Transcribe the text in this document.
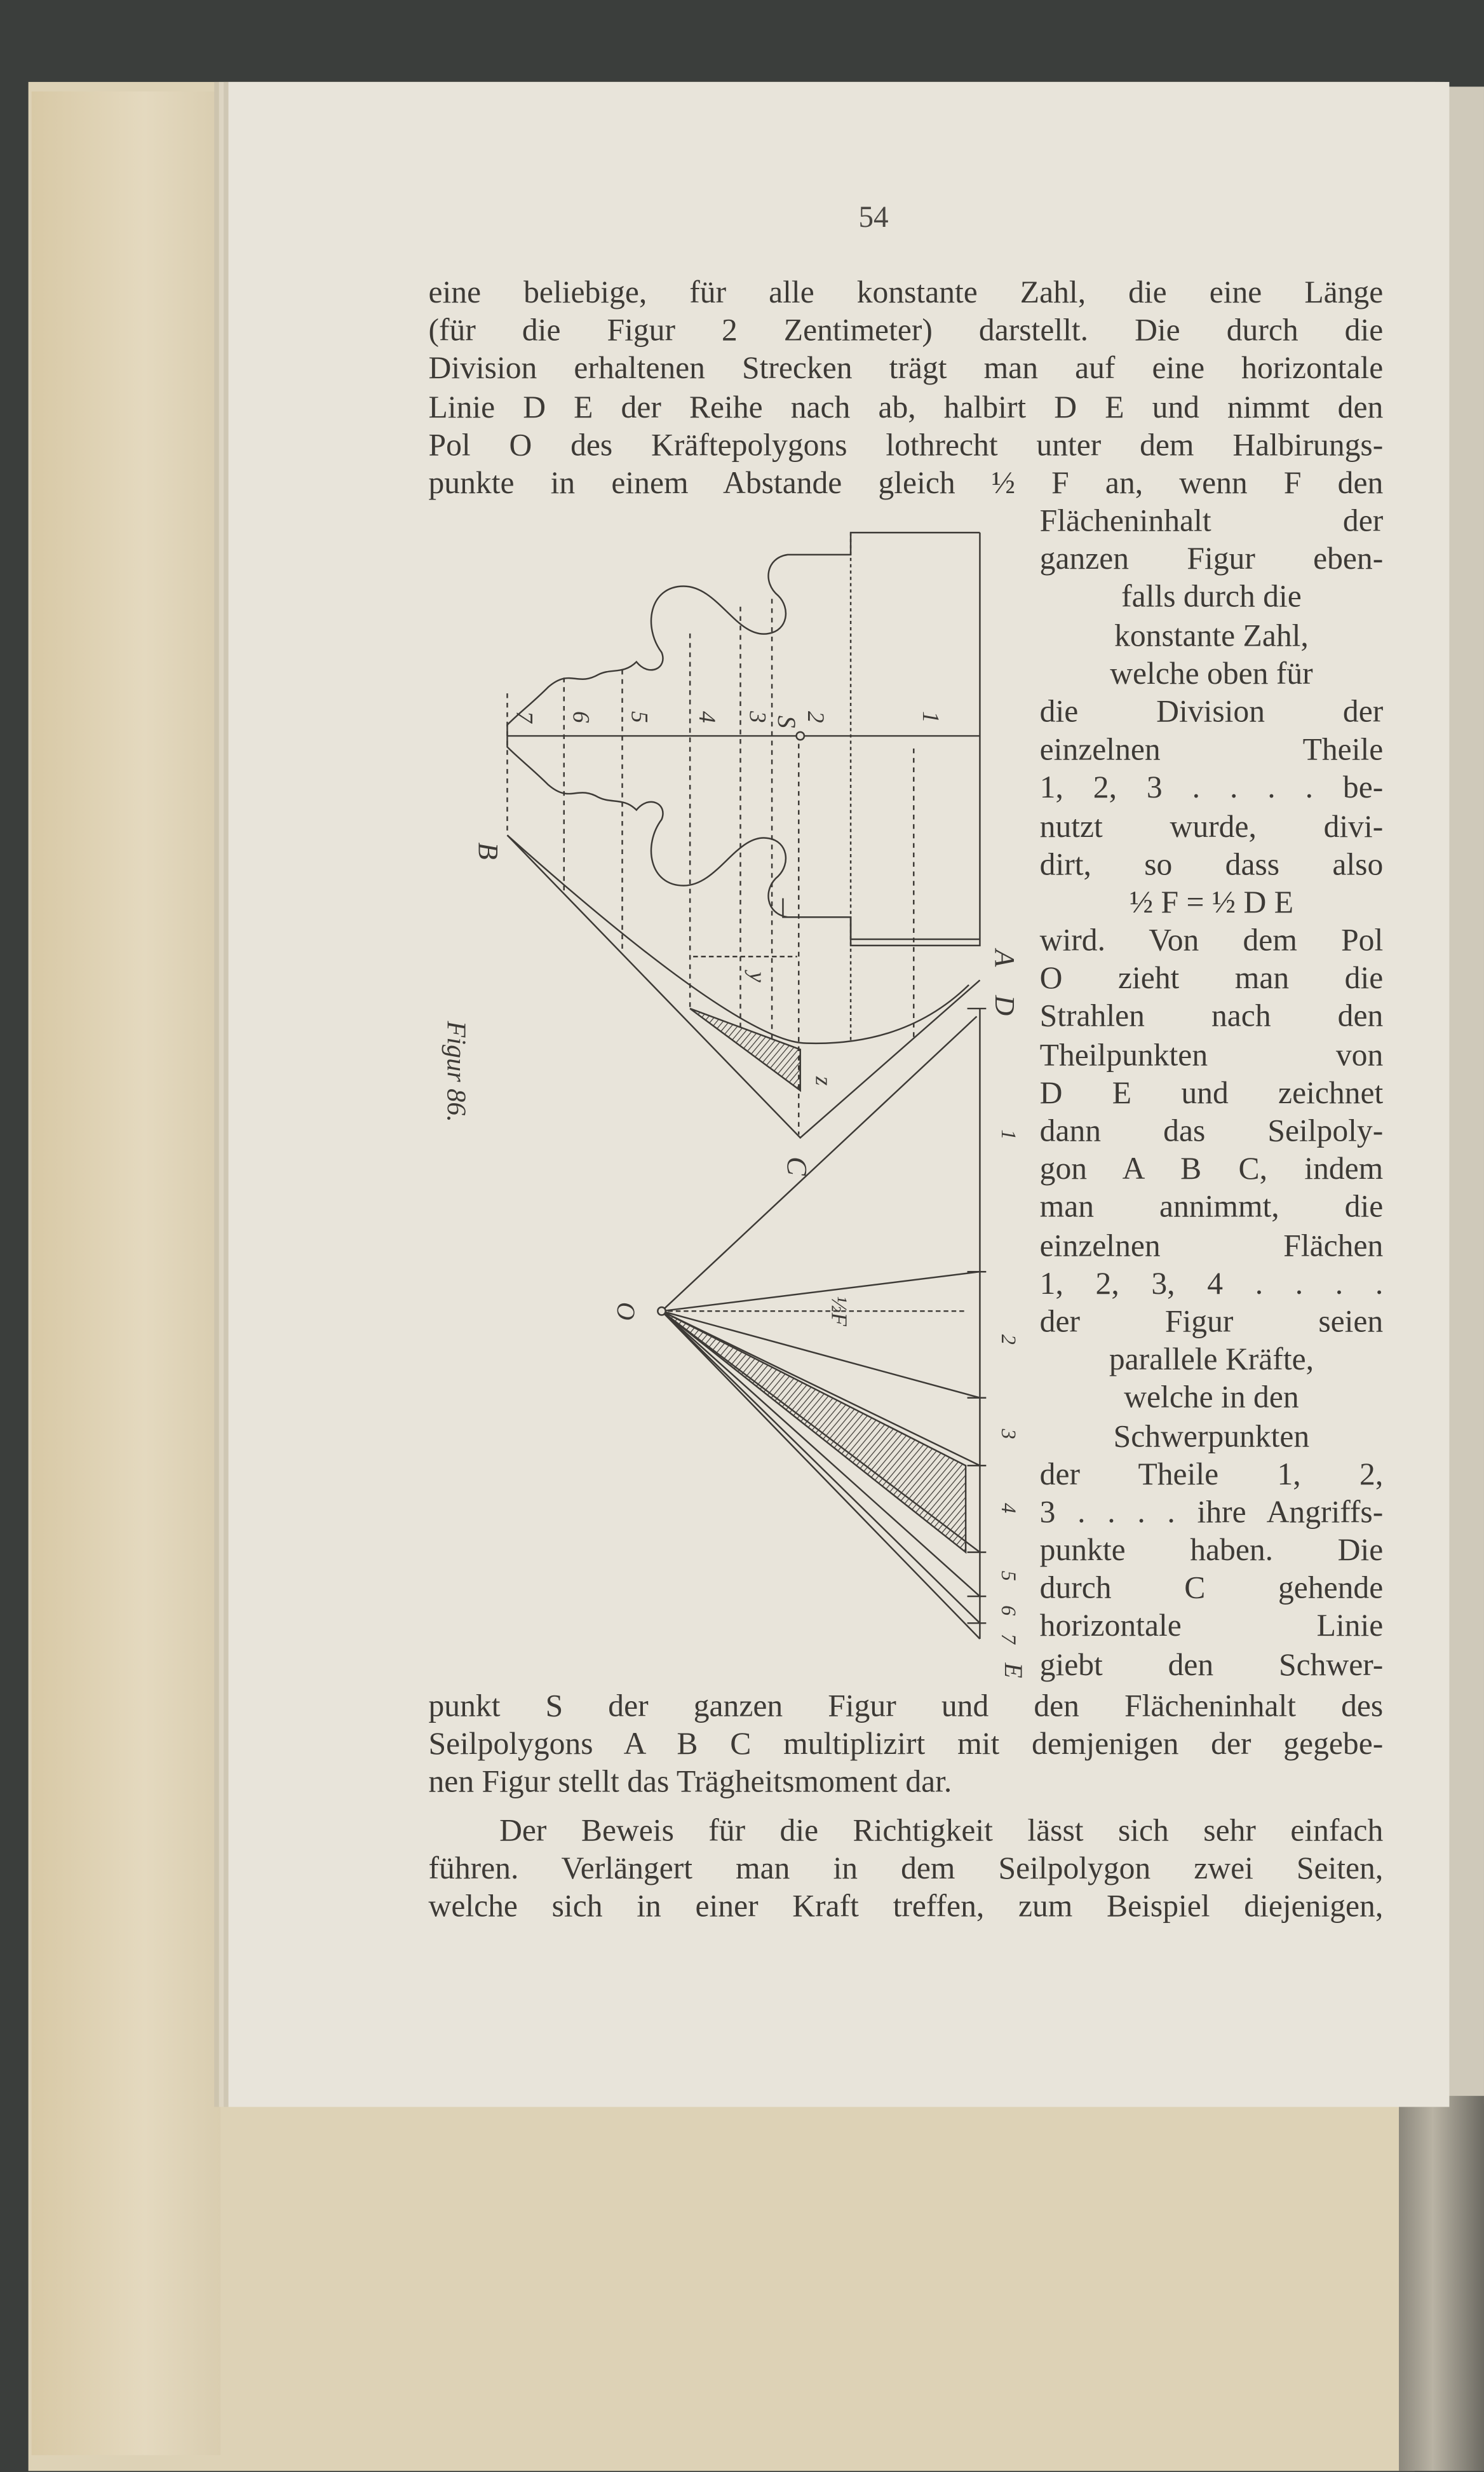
54
eine beliebige, für alle konstante Zahl, die eine Länge
(für die Figur 2 Zentimeter) darstellt. Die durch die
Division erhaltenen Strecken trägt man auf eine horizontale
Linie D E der Reihe nach ab, halbirt D E und nimmt den
Pol O des Kräftepolygons lothrecht unter dem Halbirungs-
punkte in einem Abstande gleich ½ F an, wenn F den
Flächeninhalt der
ganzen Figur eben-
falls durch die
konstante Zahl,
welche oben für
die Division der
einzelnen Theile
1, 2, 3 . . . . be-
nutzt wurde, divi-
dirt, so dass also
½ F = ½ D E
wird. Von dem Pol
O zieht man die
Strahlen nach den
Theilpunkten von
D E und zeichnet
dann das Seilpoly-
gon A B C, indem
man annimmt, die
einzelnen Flächen
1, 2, 3, 4 . . . .
der Figur seien
parallele Kräfte,
welche in den
Schwerpunkten
der Theile 1, 2,
3 . . . . ihre Angriffs-
punkte haben. Die
durch C gehende
horizontale Linie
giebt den Schwer-
punkt S der ganzen Figur und den Flächeninhalt des
Seilpolygons A B C multiplizirt mit demjenigen der gegebe-
nen Figur stellt das Trägheitsmoment dar.
Der Beweis für die Richtigkeit lässt sich sehr einfach
führen. Verlängert man in dem Seilpolygon zwei Seiten,
welche sich in einer Kraft treffen, zum Beispiel diejenigen,
7	6	5	4	3	2	1
1
2
3
4
5
6
7
B
A
D
C
O
z
S
y
E
½F
Figur 86.
